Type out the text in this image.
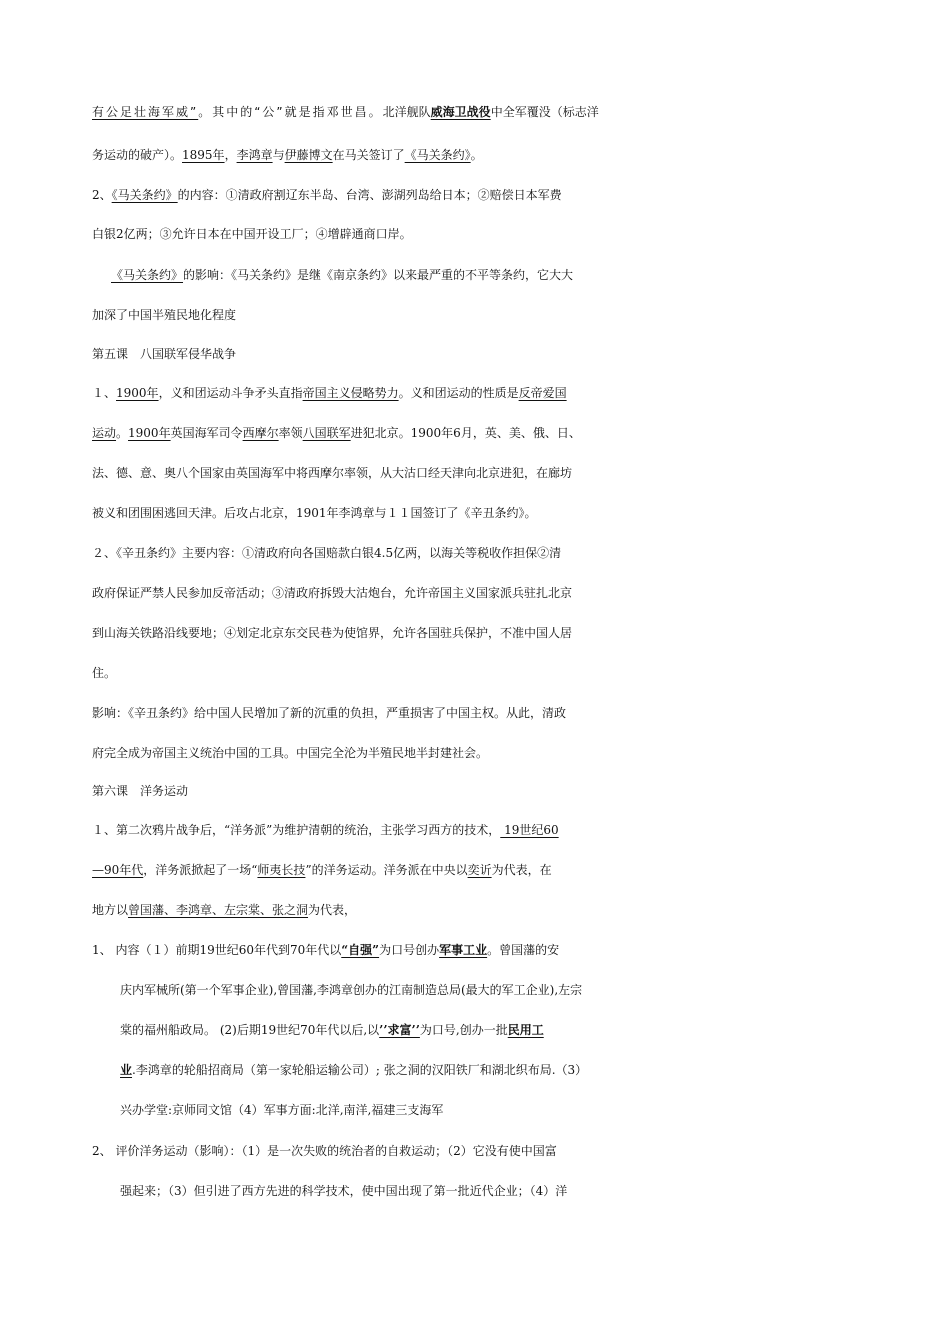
有公足壮海军威”。其中的“公”就是指邓世昌。北洋舰队威海卫战役中全军覆没（标志洋
务运动的破产）。1895年，李鸿章与伊藤博文在马关签订了《马关条约》。
2、《马关条约》的内容：①清政府割辽东半岛、台湾、澎湖列岛给日本；②赔偿日本军费
白银2亿两；③允许日本在中国开设工厂；④增辟通商口岸。
《马关条约》的影响：《马关条约》是继《南京条约》以来最严重的不平等条约，它大大
加深了中国半殖民地化程度
第五课　八国联军侵华战争
１、1900年，义和团运动斗争矛头直指帝国主义侵略势力。义和团运动的性质是反帝爱国
运动。1900年英国海军司令西摩尔率领八国联军进犯北京。1900年6月，英、美、俄、日、
法、德、意、奥八个国家由英国海军中将西摩尔率领，从大沽口经天津向北京进犯，在廊坊
被义和团围困逃回天津。后攻占北京，1901年李鸿章与１１国签订了《辛丑条约》。
２、《辛丑条约》主要内容：①清政府向各国赔款白银4.5亿两，以海关等税收作担保②清
政府保证严禁人民参加反帝活动；③清政府拆毁大沽炮台，允许帝国主义国家派兵驻扎北京
到山海关铁路沿线要地；④划定北京东交民巷为使馆界，允许各国驻兵保护，不准中国人居
住。
影响：《辛丑条约》给中国人民增加了新的沉重的负担，严重损害了中国主权。从此，清政
府完全成为帝国主义统治中国的工具。中国完全沦为半殖民地半封建社会。
第六课　洋务运动
１、第二次鸦片战争后，“洋务派”为维护清朝的统治，主张学习西方的技术， 19世纪60
—90年代，洋务派掀起了一场“师夷长技”的洋务运动。洋务派在中央以奕䜣为代表，在
地方以曾国藩、李鸿章、左宗棠、张之洞为代表，
1、 内容（１）前期19世纪60年代到70年代以“自强”为口号创办军事工业。曾国藩的安
庆内军械所(第一个军事企业),曾国藩,李鸿章创办的江南制造总局(最大的军工企业),左宗
棠的福州船政局。 (2)后期19世纪70年代以后,以’’求富’’为口号,创办一批民用工
业.李鸿章的轮船招商局（第一家轮船运输公司）; 张之洞的汉阳铁厂和湖北织布局.（3）
兴办学堂:京师同文馆（4）军事方面:北洋,南洋,福建三支海军
2、 评价洋务运动（影响）：（1）是一次失败的统治者的自救运动；（2）它没有使中国富
强起来；（3）但引进了西方先进的科学技术，使中国出现了第一批近代企业；（4）洋
